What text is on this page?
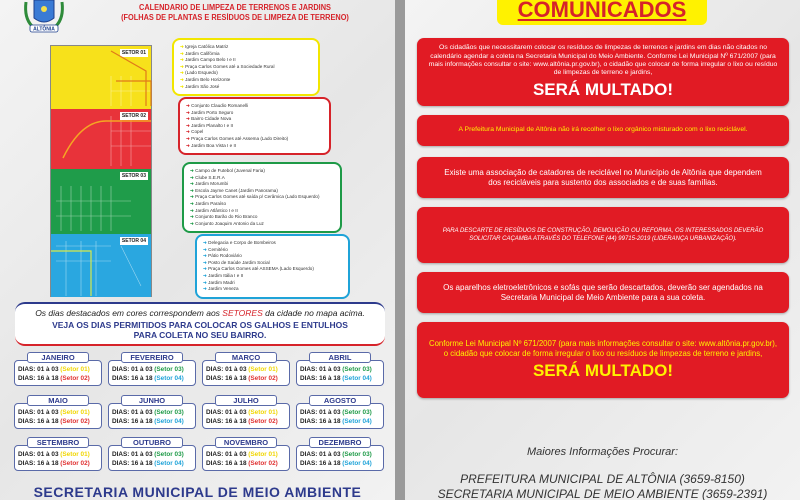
ALTÔNIA
CALENDARIO DE LIMPEZA DE TERRENOS E JARDINS
(FOLHAS DE PLANTAS E RESÍDUOS DE LIMPEZA DE TERRENO)
SETOR 01
SETOR 02
SETOR 03
SETOR 04
➜ Igreja Católica Matriz
➜ Jardim Califórnia
➜ Jardim Campo Belo I e II
➜ Praça Carlos Gomes até a Sociedade Rural
➜ (Lado Esquedo)
➜ Jardim Belo Horizonte
➜ Jardim São José
➜ Conjunto Claudio Romanelli
➜ Jardim Porto Seguro
➜ Bairro Cidade Nova
➜ Jardim Planalto I e II
➜ Copel
➜ Praça Carlos Gomes até Assema (Lado Direito)
➜ Jardim Boa Vista I e II
➜ Campo de Futebol (Juvenal Faria)
➜ Clube S.E.R.A
➜ Jardim Morumbi
➜ Escola Jayme Canet (Jardim Panorama)
➜ Praça Carlos Gomes até saída p/ Cerâmica (Lado Esquerdo)
➜ Jardim Paraíso
➜ Jardim Atlântico I e II
➜ Conjunto Barão do Rio Branco
➜ Conjunto Joaquim Antonio da Luz
➜ Delegacia e Corpo de Bombeiros
➜ Cemitério
➜ Pátio Rodoviário
➜ Posto de Saúde Jardim Social
➜ Praça Carlos Gomes até ASSEMA (Lado Esquerdo)
➜ Jardim Itália I e II
➜ Jardim Madri
➜ Jardim Veneza
Os dias destacados em cores correspondem aos SETORES da cidade no mapa acima.
VEJA OS DIAS PERMITIDOS PARA COLOCAR OS GALHOS E ENTULHOS
PARA COLETA NO SEU BAIRRO.
JANEIRO
DIAS: 01 à 03 (Setor 01)
DIAS: 16 à 18 (Setor 02)
FEVEREIRO
DIAS: 01 à 03 (Setor 03)
DIAS: 16 à 18 (Setor 04)
MARÇO
DIAS: 01 à 03 (Setor 01)
DIAS: 16 à 18 (Setor 02)
ABRIL
DIAS: 01 à 03 (Setor 03)
DIAS: 16 à 18 (Setor 04)
MAIO
DIAS: 01 à 03 (Setor 01)
DIAS: 16 à 18 (Setor 02)
JUNHO
DIAS: 01 à 03 (Setor 03)
DIAS: 16 à 18 (Setor 04)
JULHO
DIAS: 01 à 03 (Setor 01)
DIAS: 16 à 18 (Setor 02)
AGOSTO
DIAS: 01 à 03 (Setor 03)
DIAS: 16 à 18 (Setor 04)
SETEMBRO
DIAS: 01 à 03 (Setor 01)
DIAS: 16 à 18 (Setor 02)
OUTUBRO
DIAS: 01 à 03 (Setor 03)
DIAS: 16 à 18 (Setor 04)
NOVEMBRO
DIAS: 01 à 03 (Setor 01)
DIAS: 16 à 18 (Setor 02)
DEZEMBRO
DIAS: 01 à 03 (Setor 03)
DIAS: 16 à 18 (Setor 04)
SECRETARIA MUNICIPAL DE MEIO AMBIENTE
COMUNICADOS
Os cidadãos que necessitarem colocar os resíduos de limpezas de terrenos e jardins em dias não citados no calendário agendar a coleta na Secretaria Municipal do Meio Ambiente. Conforme Lei Municipal Nº 671/2007 (para mais informações consultar o site: www.altônia.pr.gov.br), o cidadão que colocar de forma irregular o lixo ou resíduo de limpezas de terreno e jardins,
SERÁ MULTADO!
A Prefeitura Municipal de Altônia não irá recolher o lixo orgânico misturado com o lixo reciclável.
Existe uma associação de catadores de reciclável no Município de Altônia que dependem dos recicláveis para sustento dos associados e de suas famílias.
PARA DESCARTE DE RESÍDUOS DE CONSTRUÇÃO, DEMOLIÇÃO OU REFORMA, OS INTERESSADOS DEVERÃO SOLICITAR CAÇAMBA ATRAVÉS DO TELEFONE (44) 99715-2019 (LIDERANÇA URBANIZAÇÃO).
Os aparelhos eletroeletrônicos e sofás que serão descartados, deverão ser agendados na Secretaria Municipal de Meio Ambiente para a sua coleta.
Conforme Lei Municipal Nº 671/2007 (para mais informações consultar o site: www.altônia.pr.gov.br), o cidadão que colocar de forma irregular o lixo ou resíduos de limpezas de terreno e jardins,
SERÁ MULTADO!
Maiores Informações Procurar:
PREFEITURA MUNICIPAL DE ALTÔNIA (3659-8150)
SECRETARIA MUNICIPAL DE MEIO AMBIENTE (3659-2391)
